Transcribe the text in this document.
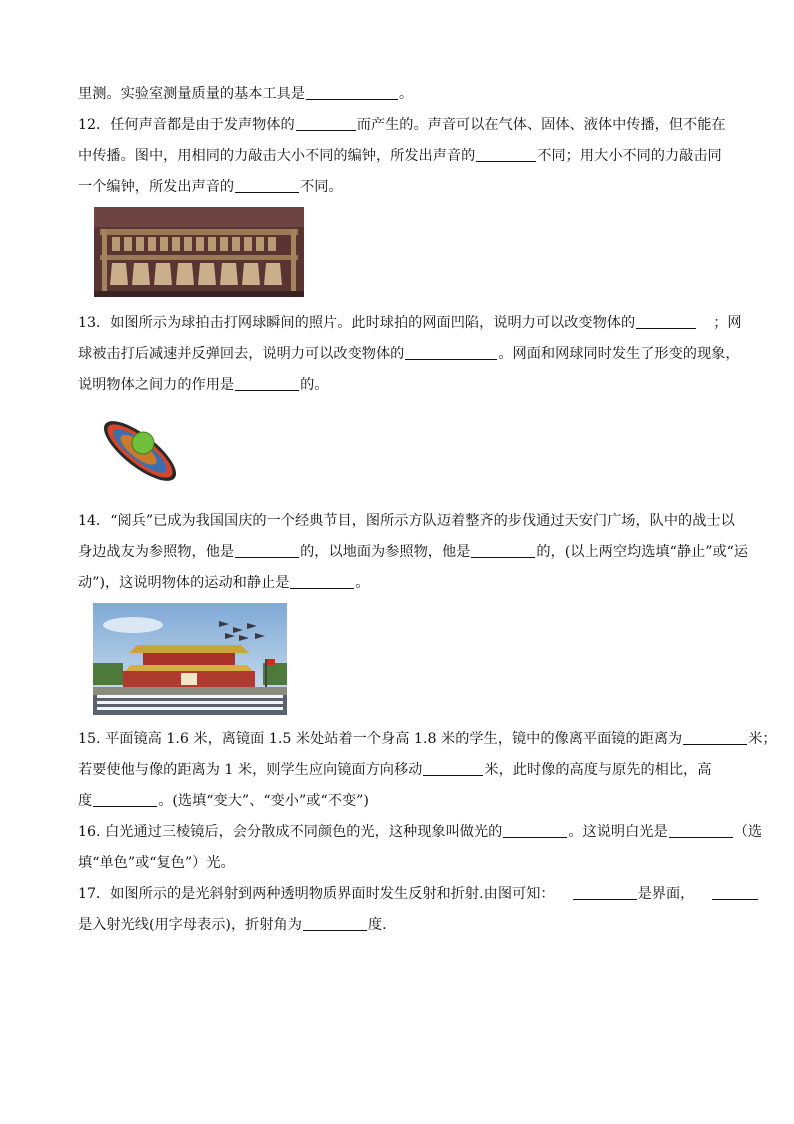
里测。实验室测量质量的基本工具是	。
12．任何声音都是由于发声物体的	而产生的。声音可以在气体、固体、液体中传播，但不能在
中传播。图中，用相同的力敲击大小不同的编钟，所发出声音的	不同；用大小不同的力敲击同
一个编钟，所发出声音的	不同。
13．如图所示为球拍击打网球瞬间的照片。此时球拍的网面凹陷，说明力可以改变物体的	；网
球被击打后减速并反弹回去，说明力可以改变物体的	。网面和网球同时发生了形变的现象，
说明物体之间力的作用是	的。
14．“阅兵”已成为我国国庆的一个经典节目，图所示方队迈着整齐的步伐通过天安门广场，队中的战士以
身边战友为参照物，他是	的，以地面为参照物，他是	的，(以上两空均选填“静止”或“运
动”)，这说明物体的运动和静止是	。
15. 平面镜高 1.6 米，离镜面 1.5 米处站着一个身高 1.8 米的学生，镜中的像离平面镜的距离为	米；
若要使他与像的距离为 1 米，则学生应向镜面方向移动	米，此时像的高度与原先的相比，高
度	。(选填“变大”、“变小”或“不变”)
16. 白光通过三棱镜后，会分散成不同颜色的光，这种现象叫做光的	。这说明白光是	（选
填“单色”或“复色”）光。
17．如图所示的是光斜射到两种透明物质界面时发生反射和折射.由图可知：	是界面，
是入射光线(用字母表示)，折射角为	度.
